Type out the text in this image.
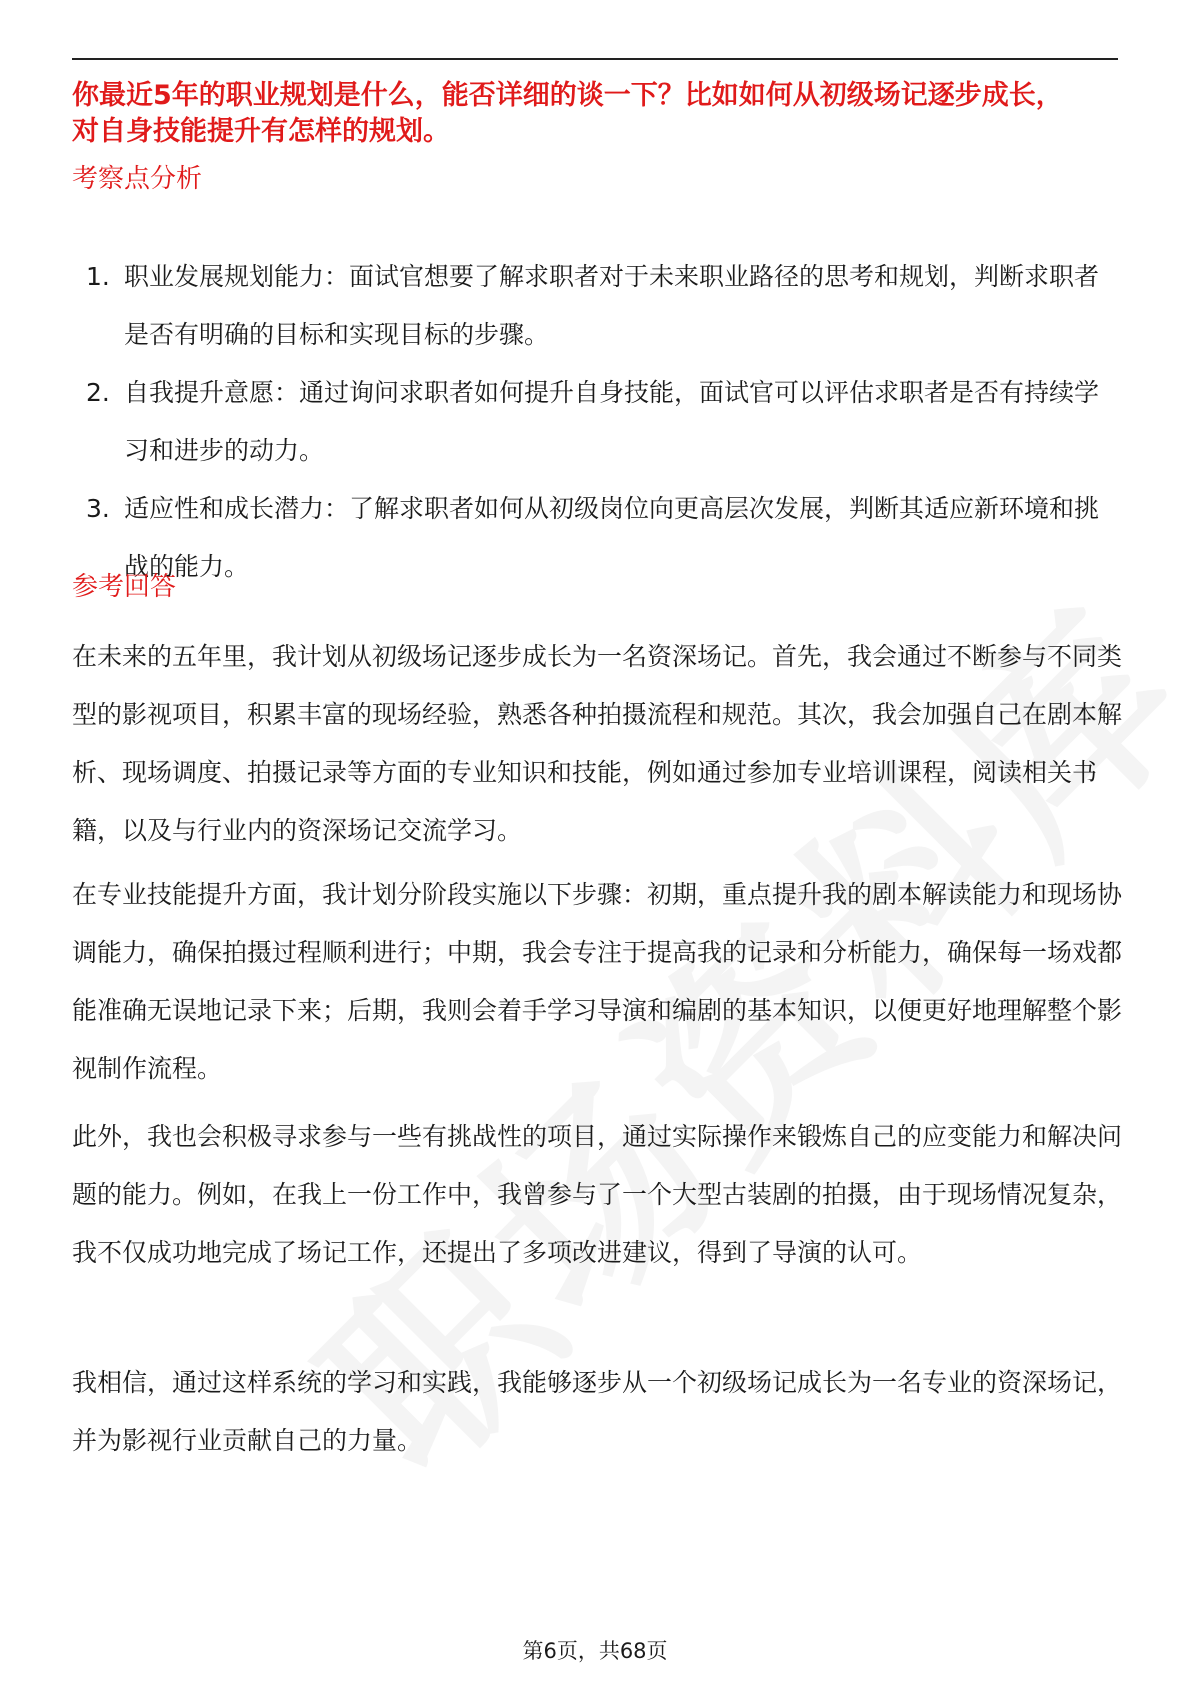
你最近5年的职业规划是什么，能否详细的谈一下？比如如何从初级场记逐步成长，对自身技能提升有怎样的规划。
考察点分析
1. 职业发展规划能力：面试官想要了解求职者对于未来职业路径的思考和规划，判断求职者是否有明确的目标和实现目标的步骤。
2. 自我提升意愿：通过询问求职者如何提升自身技能，面试官可以评估求职者是否有持续学习和进步的动力。
3. 适应性和成长潜力：了解求职者如何从初级岗位向更高层次发展，判断其适应新环境和挑战的能力。
参考回答

在未来的五年里，我计划从初级场记逐步成长为一名资深场记。首先，我会通过不断参与不同类型的影视项目，积累丰富的现场经验，熟悉各种拍摄流程和规范。其次，我会加强自己在剧本解析、现场调度、拍摄记录等方面的专业知识和技能，例如通过参加专业培训课程，阅读相关书籍，以及与行业内的资深场记交流学习。

在专业技能提升方面，我计划分阶段实施以下步骤：初期，重点提升我的剧本解读能力和现场协调能力，确保拍摄过程顺利进行；中期，我会专注于提高我的记录和分析能力，确保每一场戏都能准确无误地记录下来；后期，我则会着手学习导演和编剧的基本知识，以便更好地理解整个影视制作流程。

此外，我也会积极寻求参与一些有挑战性的项目，通过实际操作来锻炼自己的应变能力和解决问题的能力。例如，在我上一份工作中，我曾参与了一个大型古装剧的拍摄，由于现场情况复杂，我不仅成功地完成了场记工作，还提出了多项改进建议，得到了导演的认可。

我相信，通过这样系统的学习和实践，我能够逐步从一个初级场记成长为一名专业的资深场记，并为影视行业贡献自己的力量。

第6页，共68页
